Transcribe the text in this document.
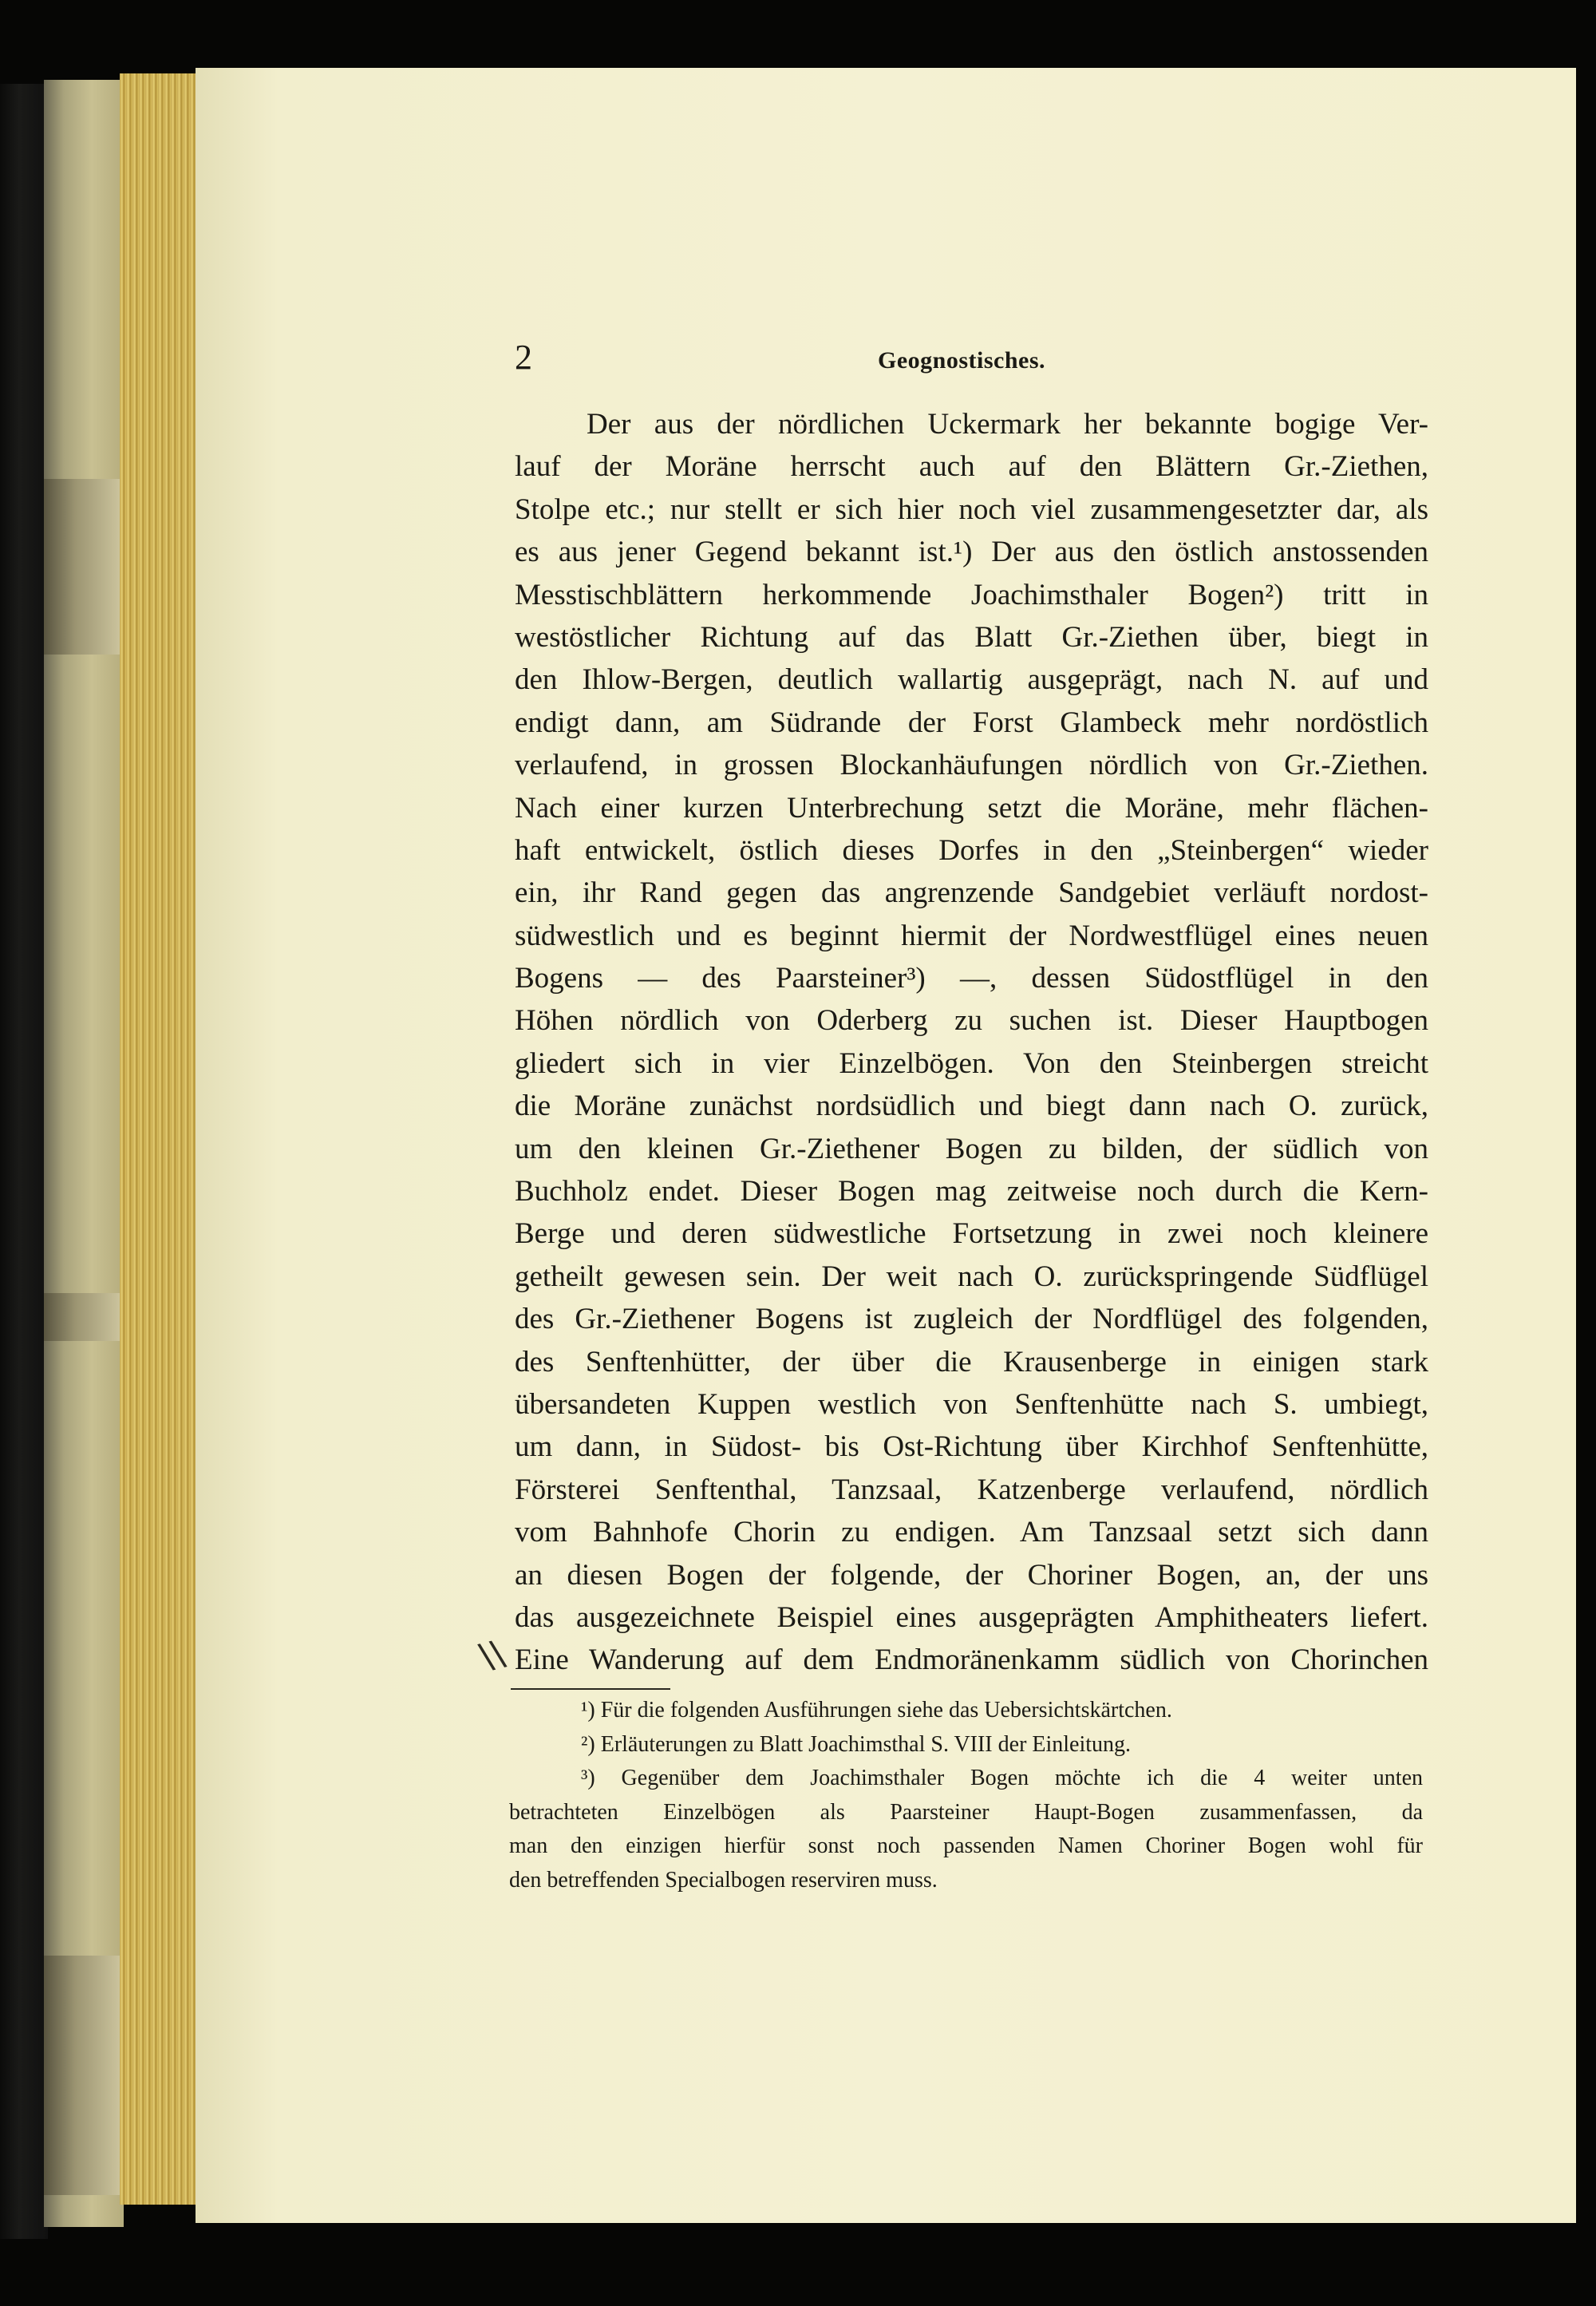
2	Geognostisches.
Der aus der nördlichen Uckermark her bekannte bogige Ver-
lauf der Moräne herrscht auch auf den Blättern Gr.-Ziethen,
Stolpe etc.; nur stellt er sich hier noch viel zusammengesetzter dar, als
es aus jener Gegend bekannt ist.¹) Der aus den östlich anstossenden
Messtischblättern herkommende Joachimsthaler Bogen²) tritt in
westöstlicher Richtung auf das Blatt Gr.-Ziethen über, biegt in
den Ihlow-Bergen, deutlich wallartig ausgeprägt, nach N. auf und
endigt dann, am Südrande der Forst Glambeck mehr nordöstlich
verlaufend, in grossen Blockanhäufungen nördlich von Gr.-Ziethen.
Nach einer kurzen Unterbrechung setzt die Moräne, mehr flächen-
haft entwickelt, östlich dieses Dorfes in den „Steinbergen“ wieder
ein, ihr Rand gegen das angrenzende Sandgebiet verläuft nordost-
südwestlich und es beginnt hiermit der Nordwestflügel eines neuen
Bogens — des Paarsteiner³) —, dessen Südostflügel in den
Höhen nördlich von Oderberg zu suchen ist. Dieser Hauptbogen
gliedert sich in vier Einzelbögen. Von den Steinbergen streicht
die Moräne zunächst nordsüdlich und biegt dann nach O. zurück,
um den kleinen Gr.-Ziethener Bogen zu bilden, der südlich von
Buchholz endet. Dieser Bogen mag zeitweise noch durch die Kern-
Berge und deren südwestliche Fortsetzung in zwei noch kleinere
getheilt gewesen sein. Der weit nach O. zurückspringende Südflügel
des Gr.-Ziethener Bogens ist zugleich der Nordflügel des folgenden,
des Senftenhütter, der über die Krausenberge in einigen stark
übersandeten Kuppen westlich von Senftenhütte nach S. umbiegt,
um dann, in Südost- bis Ost-Richtung über Kirchhof Senftenhütte,
Försterei Senftenthal, Tanzsaal, Katzenberge verlaufend, nördlich
vom Bahnhofe Chorin zu endigen. Am Tanzsaal setzt sich dann
an diesen Bogen der folgende, der Choriner Bogen, an, der uns
das ausgezeichnete Beispiel eines ausgeprägten Amphitheaters liefert.
Eine Wanderung auf dem Endmoränenkamm südlich von Chorinchen
\\
¹) Für die folgenden Ausführungen siehe das Uebersichtskärtchen.
²) Erläuterungen zu Blatt Joachimsthal S. VIII der Einleitung.
³) Gegenüber dem Joachimsthaler Bogen möchte ich die 4 weiter unten
betrachteten Einzelbögen als Paarsteiner Haupt-Bogen zusammenfassen, da
man den einzigen hierfür sonst noch passenden Namen Choriner Bogen wohl für
den betreffenden Specialbogen reserviren muss.
